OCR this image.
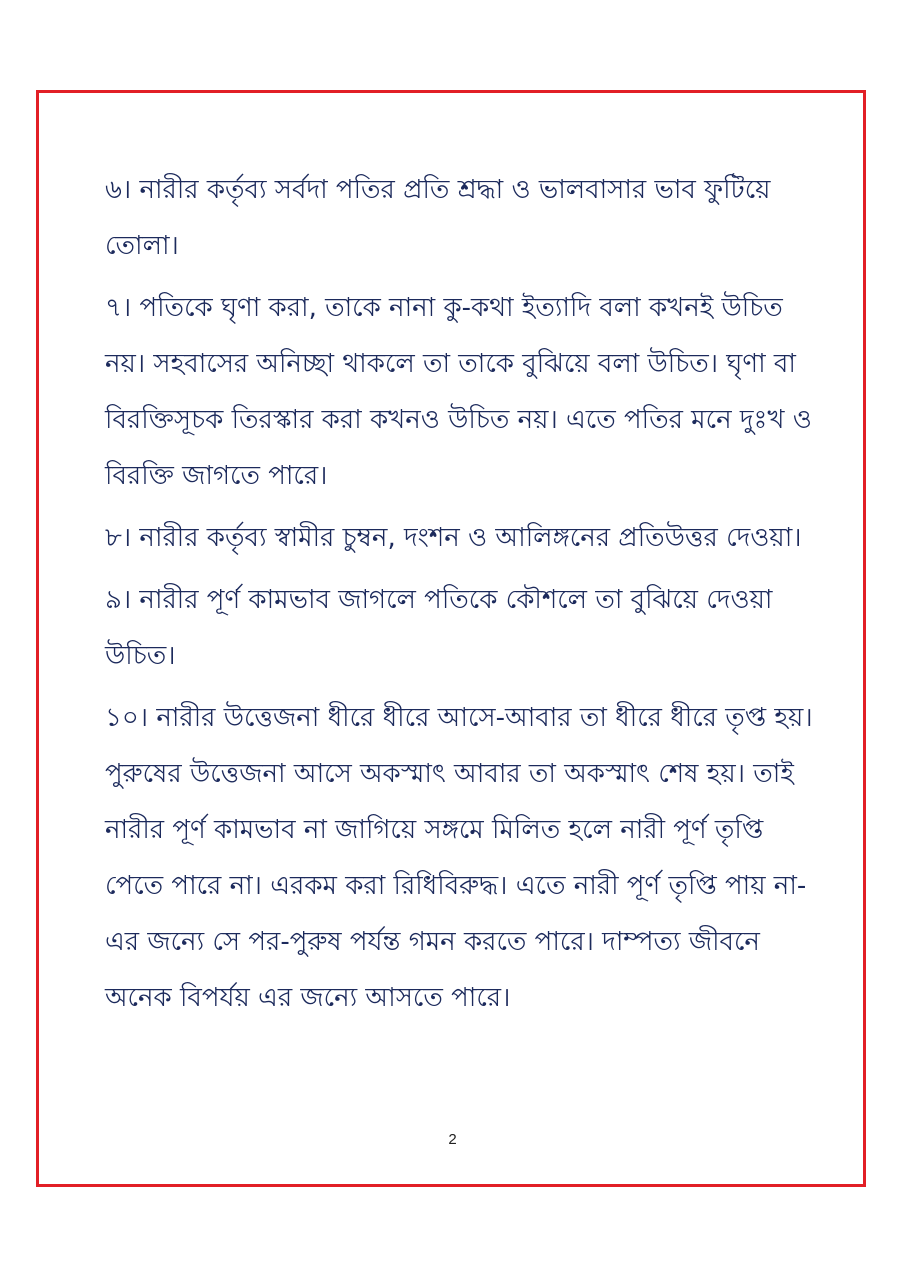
৬। নারীর কর্তৃব্য সর্বদা পতির প্রতি শ্রদ্ধা ও ভালবাসার ভাব ফুটিয়ে তোলা।

৭। পতিকে ঘৃণা করা, তাকে নানা কু-কথা ইত্যাদি বলা কখনই উচিত নয়। সহবাসের অনিচ্ছা থাকলে তা তাকে বুঝিয়ে বলা উচিত। ঘৃণা বা বিরক্তিসূচক তিরস্কার করা কখনও উচিত নয়। এতে পতির মনে দুঃখ ও বিরক্তি জাগতে পারে।

৮। নারীর কর্তৃব্য স্বামীর চুম্বন, দংশন ও আলিঙ্গনের প্রতিউত্তর দেওয়া।

৯। নারীর পূর্ণ কামভাব জাগলে পতিকে কৌশলে তা বুঝিয়ে দেওয়া উচিত।

১০। নারীর উত্তেজনা ধীরে ধীরে আসে-আবার তা ধীরে ধীরে তৃপ্ত হয়। পুরুষের উত্তেজনা আসে অকস্মাৎ আবার তা অকস্মাৎ শেষ হয়। তাই নারীর পূর্ণ কামভাব না জাগিয়ে সঙ্গমে মিলিত হলে নারী পূর্ণ তৃপ্তি পেতে পারে না। এরকম করা রিধিবিরুদ্ধ। এতে নারী পূর্ণ তৃপ্তি পায় না- এর জন্যে সে পর-পুরুষ পর্যন্ত গমন করতে পারে। দাম্পত্য জীবনে অনেক বিপর্যয় এর জন্যে আসতে পারে।

2
